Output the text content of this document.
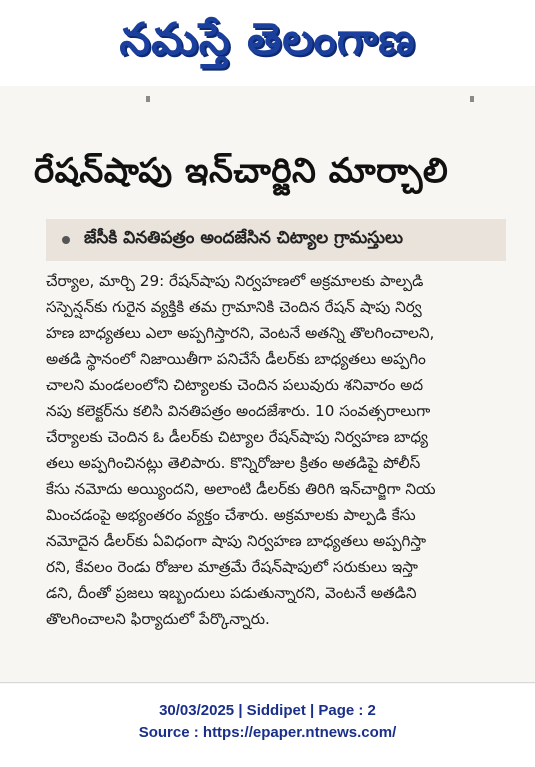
నమస్తే తెలంగాణ
రేషన్‌షాపు ఇన్‌చార్జిని మార్చాలి
జేసీకి వినతిపత్రం అందజేసిన చిట్యాల గ్రామస్తులు
చేర్యాల, మార్చి 29: రేషన్‌షాపు నిర్వహణలో అక్రమాలకు పాల్పడి
సస్పెన్షన్‌కు గురైన వ్యక్తికి తమ గ్రామానికి చెందిన రేషన్ షాపు నిర్వ
హణ బాధ్యతలు ఎలా అప్పగిస్తారని, వెంటనే అతన్ని తొలగించాలని,
అతడి స్థానంలో నిజాయితీగా పనిచేసే డీలర్‌కు బాధ్యతలు అప్పగిం
చాలని మండలంలోని చిట్యాలకు చెందిన పలువురు శనివారం అద
నపు కలెక్టర్‌ను కలిసి వినతిపత్రం అందజేశారు. 10 సంవత్సరాలుగా
చేర్యాలకు చెందిన ఓ డీలర్‌కు చిట్యాల రేషన్‌షాపు నిర్వహణ బాధ్య
తలు అప్పగించినట్లు తెలిపారు. కొన్నిరోజుల క్రితం అతడిపై పోలీస్
కేసు నమోదు అయ్యిందని, అలాంటి డీలర్‌కు తిరిగి ఇన్‌చార్జిగా నియ
మించడంపై అభ్యంతరం వ్యక్తం చేశారు. అక్రమాలకు పాల్పడి కేసు
నమోదైన డీలర్‌కు ఏవిధంగా షాపు నిర్వహణ బాధ్యతలు అప్పగిస్తా
రని, కేవలం రెండు రోజుల మాత్రమే రేషన్‌షాపులో సరుకులు ఇస్తా
డని, దీంతో ప్రజలు ఇబ్బందులు పడుతున్నారని, వెంటనే అతడిని
తొలగించాలని ఫిర్యాదులో పేర్కొన్నారు.
30/03/2025 | Siddipet | Page : 2
Source : https://epaper.ntnews.com/
